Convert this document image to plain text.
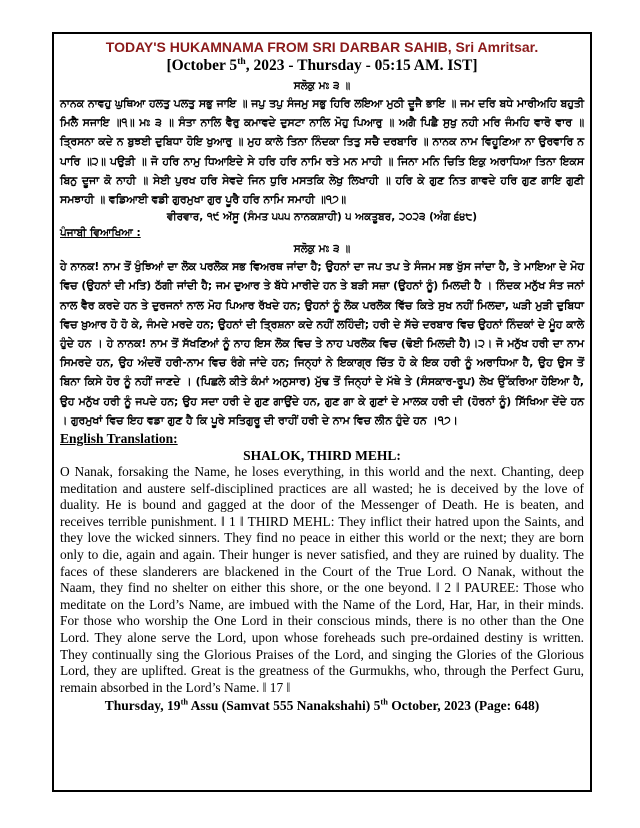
TODAY'S HUKAMNAMA FROM SRI DARBAR SAHIB, Sri Amritsar.

[October 5th, 2023 - Thursday - 05:15 AM. IST]

ਸਲੋਕੁ ਮਃ ੩ ॥

ਨਾਨਕ ਨਾਵਹੁ ਘੁਥਿਆ ਹਲਤੁ ਪਲਤੁ ਸਭੁ ਜਾਇ ॥ ਜਪੁ ਤਪੁ ਸੰਜਮੁ ਸਭੁ ਹਿਰਿ ਲਇਆ ਮੁਠੀ ਦੂਜੈ ਭਾਇ ॥ ਜਮ ਦਰਿ ਬਧੇ ਮਾਰੀਅਹਿ ਬਹੁਤੀ ਮਿਲੈ ਸਜਾਇ ॥੧॥ ਮਃ ੩ ॥ ਸੰਤਾ ਨਾਲਿ ਵੈਰੁ ਕਮਾਵਦੇ ਦੁਸਟਾ ਨਾਲਿ ਮੋਹੁ ਪਿਆਰੁ ॥ ਅਗੈ ਪਿਛੈ ਸੁਖੁ ਨਹੀ ਮਰਿ ਜੰਮਹਿ ਵਾਰੋ ਵਾਰ ॥ ਤ੍ਰਿਸਨਾ ਕਦੇ ਨ ਬੁਝਈ ਦੁਬਿਧਾ ਹੋਇ ਖੁਆਰੁ ॥ ਮੁਹ ਕਾਲੇ ਤਿਨਾ ਨਿੰਦਕਾ ਤਿਤੁ ਸਚੈ ਦਰਬਾਰਿ ॥ ਨਾਨਕ ਨਾਮ ਵਿਹੂਣਿਆ ਨਾ ਉਰਵਾਰਿ ਨ ਪਾਰਿ ॥੨॥ ਪਉੜੀ ॥ ਜੋ ਹਰਿ ਨਾਮੁ ਧਿਆਇਦੇ ਸੇ ਹਰਿ ਹਰਿ ਨਾਮਿ ਰਤੇ ਮਨ ਮਾਹੀ ॥ ਜਿਨਾ ਮਨਿ ਚਿਤਿ ਇਕੁ ਅਰਾਧਿਆ ਤਿਨਾ ਇਕਸ ਬਿਨੁ ਦੂਜਾ ਕੋ ਨਾਹੀ ॥ ਸੇਈ ਪੁਰਖ ਹਰਿ ਸੇਵਦੇ ਜਿਨ ਧੁਰਿ ਮਸਤਕਿ ਲੇਖੁ ਲਿਖਾਹੀ ॥ ਹਰਿ ਕੇ ਗੁਣ ਨਿਤ ਗਾਵਦੇ ਹਰਿ ਗੁਣ ਗਾਇ ਗੁਣੀ ਸਮਝਾਹੀ ॥ ਵਡਿਆਈ ਵਡੀ ਗੁਰਮੁਖਾ ਗੁਰ ਪੂਰੈ ਹਰਿ ਨਾਮਿ ਸਮਾਹੀ ॥੧੭॥

ਵੀਰਵਾਰ, ੧੯ ਅੱਸੂ (ਸੰਮਤ ੫੫੫ ਨਾਨਕਸ਼ਾਹੀ) ੫ ਅਕਤੂਬਰ, ੨੦੨੩ (ਅੰਗ ੬੪੮)

ਪੰਜਾਬੀ ਵਿਆਖਿਆ :

ਸਲੋਕੁ ਮਃ ੩ ॥

ਹੇ ਨਾਨਕ! ਨਾਮ ਤੋਂ ਖੁੰਝਿਆਂ ਦਾ ਲੋਕ ਪਰਲੋਕ ਸਭ ਵਿਅਰਥ ਜਾਂਦਾ ਹੈ; ਉਹਨਾਂ ਦਾ ਜਪ ਤਪ ਤੇ ਸੰਜਮ ਸਭ ਖੁੱਸ ਜਾਂਦਾ ਹੈ, ਤੇ ਮਾਇਆ ਦੇ ਮੋਹ ਵਿਚ (ਉਹਨਾਂ ਦੀ ਮਤਿ) ਠੱਗੀ ਜਾਂਦੀ ਹੈ; ਜਮ ਦੁਆਰ ਤੇ ਬੱਧੇ ਮਾਰੀਦੇ ਹਨ ਤੇ ਬੜੀ ਸਜ਼ਾ (ਉਹਨਾਂ ਨੂੰ) ਮਿਲਦੀ ਹੈ । ਨਿੰਦਕ ਮਨੁੱਖ ਸੰਤ ਜਨਾਂ ਨਾਲ ਵੈਰ ਕਰਦੇ ਹਨ ਤੇ ਦੁਰਜਨਾਂ ਨਾਲ ਮੋਹ ਪਿਆਰ ਰੱਖਦੇ ਹਨ; ਉਹਨਾਂ ਨੂੰ ਲੋਕ ਪਰਲੋਕ ਵਿੱਚ ਕਿਤੇ ਸੁਖ ਨਹੀਂ ਮਿਲਦਾ, ਘੜੀ ਮੁੜੀ ਦੁਬਿਧਾ ਵਿਚ ਖ਼ੁਆਰ ਹੋ ਹੋ ਕੇ, ਜੰਮਦੇ ਮਰਦੇ ਹਨ; ਉਹਨਾਂ ਦੀ ਤ੍ਰਿਸ਼ਨਾ ਕਦੇ ਨਹੀਂ ਲਹਿੰਦੀ; ਹਰੀ ਦੇ ਸੱਚੇ ਦਰਬਾਰ ਵਿਚ ਉਹਨਾਂ ਨਿੰਦਕਾਂ ਦੇ ਮੂੰਹ ਕਾਲੇ ਹੁੰਦੇ ਹਨ । ਹੇ ਨਾਨਕ! ਨਾਮ ਤੋਂ ਸੱਖਣਿਆਂ ਨੂੰ ਨਾਹ ਇਸ ਲੋਕ ਵਿਚ ਤੇ ਨਾਹ ਪਰਲੋਕ ਵਿਚ (ਢੋਈ ਮਿਲਦੀ ਹੈ)।੨। ਜੋ ਮਨੁੱਖ ਹਰੀ ਦਾ ਨਾਮ ਸਿਮਰਦੇ ਹਨ, ਉਹ ਅੰਦਰੋਂ ਹਰੀ-ਨਾਮ ਵਿਚ ਰੰਗੇ ਜਾਂਦੇ ਹਨ; ਜਿਨ੍ਹਾਂ ਨੇ ਇਕਾਗ੍ਰ ਚਿੱਤ ਹੋ ਕੇ ਇਕ ਹਰੀ ਨੂੰ ਅਰਾਧਿਆ ਹੈ, ਉਹ ਉਸ ਤੋਂ ਬਿਨਾ ਕਿਸੇ ਹੋਰ ਨੂੰ ਨਹੀਂ ਜਾਣਦੇ । (ਪਿਛਲੇ ਕੀਤੇ ਕੰਮਾਂ ਅਨੁਸਾਰ) ਮੁੱਢ ਤੋਂ ਜਿਨ੍ਹਾਂ ਦੇ ਮੱਥੇ ਤੇ (ਸੰਸਕਾਰ-ਰੂਪ) ਲੇਖ ਉੱਕਰਿਆ ਹੋਇਆ ਹੈ, ਉਹ ਮਨੁੱਖ ਹਰੀ ਨੂੰ ਜਪਦੇ ਹਨ; ਉਹ ਸਦਾ ਹਰੀ ਦੇ ਗੁਣ ਗਾਉਂਦੇ ਹਨ, ਗੁਣ ਗਾ ਕੇ ਗੁਣਾਂ ਦੇ ਮਾਲਕ ਹਰੀ ਦੀ (ਹੋਰਨਾਂ ਨੂੰ) ਸਿੱਖਿਆ ਦੇਂਦੇ ਹਨ । ਗੁਰਮੁਖਾਂ ਵਿਚ ਇਹ ਵਡਾ ਗੁਣ ਹੈ ਕਿ ਪੂਰੇ ਸਤਿਗੁਰੂ ਦੀ ਰਾਹੀਂ ਹਰੀ ਦੇ ਨਾਮ ਵਿਚ ਲੀਨ ਹੁੰਦੇ ਹਨ ।੧੭।

English Translation:

SHALOK, THIRD MEHL:

O Nanak, forsaking the Name, he loses everything, in this world and the next. Chanting, deep meditation and austere self-disciplined practices are all wasted; he is deceived by the love of duality. He is bound and gagged at the door of the Messenger of Death. He is beaten, and receives terrible punishment. ‖ 1 ‖ THIRD MEHL: They inflict their hatred upon the Saints, and they love the wicked sinners. They find no peace in either this world or the next; they are born only to die, again and again. Their hunger is never satisfied, and they are ruined by duality. The faces of these slanderers are blackened in the Court of the True Lord. O Nanak, without the Naam, they find no shelter on either this shore, or the one beyond. ‖ 2 ‖ PAUREE: Those who meditate on the Lord’s Name, are imbued with the Name of the Lord, Har, Har, in their minds. For those who worship the One Lord in their conscious minds, there is no other than the One Lord. They alone serve the Lord, upon whose foreheads such pre-ordained destiny is written. They continually sing the Glorious Praises of the Lord, and singing the Glories of the Glorious Lord, they are uplifted. Great is the greatness of the Gurmukhs, who, through the Perfect Guru, remain absorbed in the Lord’s Name. ‖ 17 ‖

Thursday, 19th Assu (Samvat 555 Nanakshahi) 5th October, 2023 (Page: 648)
